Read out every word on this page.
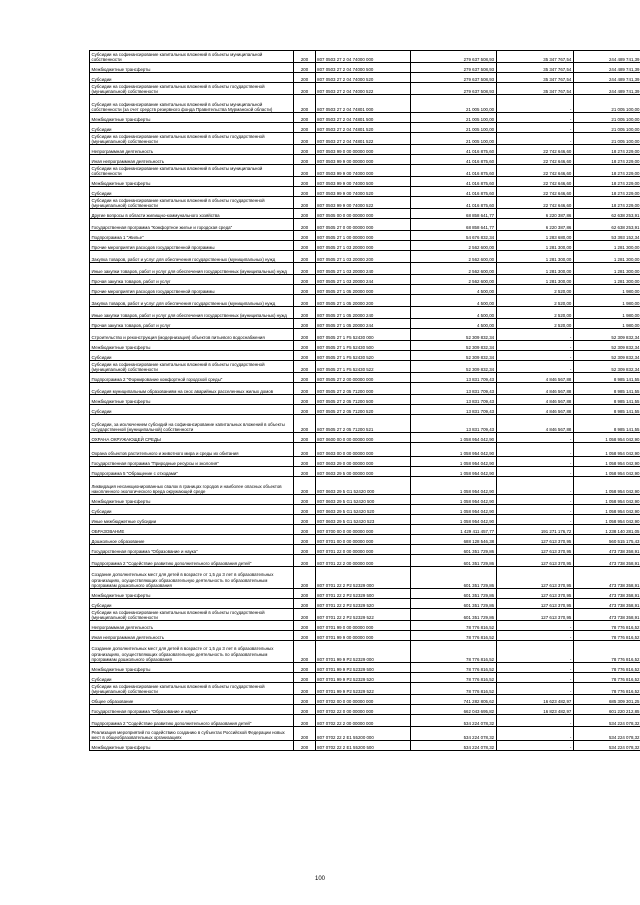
Субсидии на софинансирование капитальных вложений в объекты муниципальной собственности	200	807 0503 27 2 04 74000 000	279 637 508,93	35 347 767,54	244 489 741,39
Межбюджетные трансферты	200	807 0503 27 2 04 74000 500	279 637 508,93	35 347 767,54	244 489 741,39
Субсидии	200	807 0503 27 2 04 74000 520	279 637 508,93	35 347 767,54	244 489 741,39
Субсидии на софинансирование капитальных вложений в объекты государственной (муниципальной) собственности	200	807 0503 27 2 04 74000 522	279 637 508,93	35 347 767,54	244 489 741,39
Субсидия на софинансирование капитальных вложений в объекты муниципальной собственности (за счет средств резервного фонда Правительства Мурманской области)	200	807 0503 27 2 04 74801 000	21 005 100,00	-	21 005 100,00
Межбюджетные трансферты	200	807 0503 27 2 04 74801 500	21 005 100,00	-	21 005 100,00
Субсидии	200	807 0503 27 2 04 74801 520	21 005 100,00	-	21 005 100,00
Субсидии на софинансирование капитальных вложений в объекты государственной (муниципальной) собственности	200	807 0503 27 2 04 74801 522	21 005 100,00	-	21 005 100,00
Непрограммная деятельность	200	807 0503 99 0 00 00000 000	41 016 875,60	22 742 646,60	18 274 229,00
Иная непрограммная деятельность	200	807 0503 99 9 00 00000 000	41 016 875,60	22 742 646,60	18 274 229,00
Субсидии на софинансирование капитальных вложений в объекты муниципальной собственности	200	807 0503 99 9 00 74000 000	41 016 875,60	22 742 646,60	18 274 229,00
Межбюджетные трансферты	200	807 0503 99 9 00 74000 500	41 016 875,60	22 742 646,60	18 274 229,00
Субсидии	200	807 0503 99 9 00 74000 520	41 016 875,60	22 742 646,60	18 274 229,00
Субсидии на софинансирование капитальных вложений в объекты государственной (муниципальной) собственности	200	807 0503 99 9 00 74000 522	41 016 875,60	22 742 646,60	18 274 229,00
Другие вопросы в области жилищно-коммунального хозяйства	200	807 0505 00 0 00 00000 000	68 858 641,77	6 220 387,86	62 638 253,91
Государственная программа "Комфортное жилье и городская среда"	200	807 0505 27 0 00 00000 000	68 858 641,77	6 220 387,86	62 638 253,91
Подпрограмма 1 "Жилье"	200	807 0505 27 1 00 00000 000	54 676 832,34	1 283 680,00	53 393 152,34
Прочие мероприятия расходов государственной программы	200	807 0505 27 1 03 20000 000	2 562 600,00	1 281 300,00	1 281 300,00
Закупка товаров, работ и услуг для обеспечения государственных (муниципальных) нужд	200	807 0505 27 1 03 20000 200	2 562 600,00	1 281 300,00	1 281 300,00
Иные закупки товаров, работ и услуг для обеспечения государственных (муниципальных) нужд	200	807 0505 27 1 03 20000 240	2 562 600,00	1 281 300,00	1 281 300,00
Прочая закупка товаров, работ и услуг	200	807 0505 27 1 03 20000 244	2 562 600,00	1 281 300,00	1 281 300,00
Прочие мероприятия расходов государственной программы	200	807 0505 27 1 05 20000 000	4 500,00	2 520,00	1 980,00
Закупка товаров, работ и услуг для обеспечения государственных (муниципальных) нужд	200	807 0505 27 1 05 20000 200	4 500,00	2 520,00	1 980,00
Иные закупки товаров, работ и услуг для обеспечения государственных (муниципальных) нужд	200	807 0505 27 1 05 20000 240	4 500,00	2 520,00	1 980,00
Прочая закупка товаров, работ и услуг	200	807 0505 27 1 05 20000 244	4 500,00	2 520,00	1 980,00
Строительство и реконструкция (модернизация) объектов питьевого водоснабжения	200	807 0505 27 1 F5 52430 000	52 309 832,34	-	52 309 832,34
Межбюджетные трансферты	200	807 0505 27 1 F5 52430 500	52 309 832,34	-	52 309 832,34
Субсидии	200	807 0505 27 1 F5 52430 520	52 309 832,34	-	52 309 832,34
Субсидии на софинансирование капитальных вложений в объекты государственной (муниципальной) собственности	200	807 0505 27 1 F5 52430 522	52 309 832,34	-	52 309 832,34
Подпрограмма 2 "Формирование комфортной городской среды"	200	807 0505 27 2 00 00000 000	13 831 709,43	4 846 567,88	8 985 141,55
Субсидия муниципальным образованиям на снос аварийных расселенных жилых домов	200	807 0505 27 2 05 71200 000	13 831 709,43	4 846 567,88	8 985 141,55
Межбюджетные трансферты	200	807 0505 27 2 05 71200 500	13 831 709,43	4 846 567,88	8 985 141,55
Субсидии	200	807 0505 27 2 05 71200 520	13 831 709,43	4 846 567,88	8 985 141,55
Субсидии, за исключением субсидий на софинансирование капитальных вложений в объекты государственной (муниципальной) собственности	200	807 0505 27 2 05 71200 521	13 831 709,43	4 846 567,88	8 985 141,55
ОХРАНА ОКРУЖАЮЩЕЙ СРЕДЫ	200	807 0600 00 0 00 00000 000	1 058 954 042,90	-	1 058 954 042,90
Охрана объектов растительного и животного мира и среды их обитания	200	807 0603 00 0 00 00000 000	1 058 954 042,90	-	1 058 954 042,90
Государственная программа "Природные ресурсы и экология"	200	807 0603 29 0 00 00000 000	1 058 954 042,90	-	1 058 954 042,90
Подпрограмма 5 "Обращение с отходами"	200	807 0603 29 5 00 00000 000	1 058 954 042,90	-	1 058 954 042,90
Ликвидация несанкционированных свалок в границах городов и наиболее опасных объектов накопленного экологического вреда окружающей среде	200	807 0603 29 5 G1 52420 000	1 058 954 042,90	-	1 058 954 042,90
Межбюджетные трансферты	200	807 0603 29 5 G1 52420 500	1 058 954 042,90	-	1 058 954 042,90
Субсидии	200	807 0603 29 5 G1 52420 520	1 058 954 042,90	-	1 058 954 042,90
Иные межбюджетные субсидии	200	807 0603 29 5 G1 52420 523	1 058 954 042,90	-	1 058 954 042,90
ОБРАЗОВАНИЕ	200	807 0700 00 0 00 00000 000	1 429 411 457,77	191 271 176,72	1 238 140 281,05
Дошкольное образование	200	807 0701 00 0 00 00000 000	688 128 546,38	127 613 370,95	560 515 175,43
Государственная программа "Образование и наука"	200	807 0701 22 0 00 00000 000	601 351 729,86	127 613 370,95	473 738 358,91
Подпрограмма 2 "Содействие развитию дополнительного образования детей"	200	807 0701 22 2 00 00000 000	601 351 729,86	127 613 370,95	473 738 358,91
Создание дополнительных мест для детей в возрасте от 1,5 до 3 лет в образовательных организациях, осуществляющих образовательную деятельность по образовательным программам дошкольного образования	200	807 0701 22 2 P2 52329 000	601 351 729,86	127 613 370,95	473 738 358,91
Межбюджетные трансферты	200	807 0701 22 2 P2 52329 500	601 351 729,86	127 613 370,95	473 738 358,91
Субсидии	200	807 0701 22 2 P2 52329 520	601 351 729,86	127 613 370,95	473 738 358,91
Субсидии на софинансирование капитальных вложений в объекты государственной (муниципальной) собственности	200	807 0701 22 2 P2 52329 522	601 351 729,86	127 613 370,95	473 738 358,91
Непрограммная деятельность	200	807 0701 99 0 00 00000 000	78 776 816,52	-	78 776 816,52
Иная непрограммная деятельность	200	807 0701 99 9 00 00000 000	78 776 816,52	-	78 776 816,52
Создание дополнительных мест для детей в возрасте от 1,5 до 3 лет в образовательных организациях, осуществляющих образовательную деятельность по образовательным программам дошкольного образования	200	807 0701 99 9 P2 52329 000	78 776 816,52	-	78 776 816,52
Межбюджетные трансферты	200	807 0701 99 9 P2 52329 500	78 776 816,52	-	78 776 816,52
Субсидии	200	807 0701 99 9 P2 52329 520	78 776 816,52	-	78 776 816,52
Субсидии на софинансирование капитальных вложений в объекты государственной (муниципальной) собственности	200	807 0701 99 9 P2 52329 522	78 776 816,52	-	78 776 816,52
Общее образование	200	807 0702 00 0 00 00000 000	741 282 805,62	16 623 482,97	685 309 301,25
Государственная программа "Образование и наука"	200	807 0702 22 0 00 00000 000	662 043 695,82	16 823 482,97	601 220 212,85
Подпрограмма 2 "Содействие развитию дополнительного образования детей"	200	807 0702 22 2 00 00000 000	534 224 078,32	-	534 224 078,32
Реализация мероприятий по содействию созданию в субъектах Российской Федерации новых мест в общеобразовательных организациях	200	807 0702 22 2 E1 55200 000	534 224 078,32	-	534 224 078,32
Межбюджетные трансферты	200	807 0702 22 2 E1 55200 500	534 224 078,32	-	534 224 078,32
100
